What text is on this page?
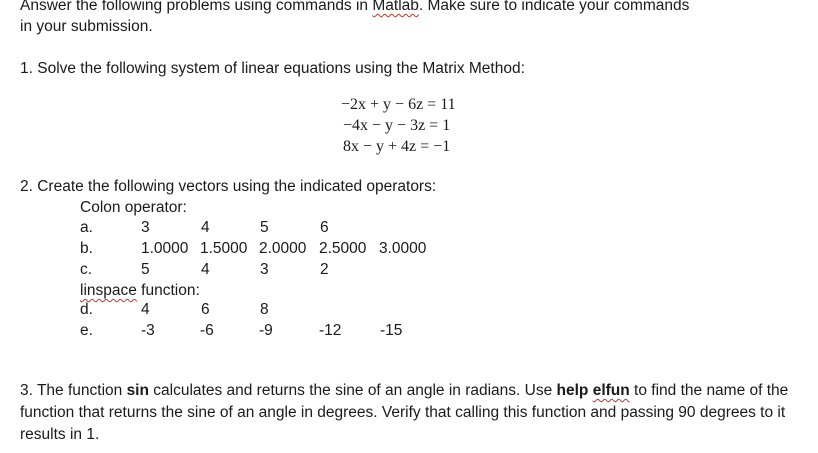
Answer the following problems using commands in Matlab. Make sure to indicate your commands
in your submission.
1. Solve the following system of linear equations using the Matrix Method:
−2x + y − 6z = 11
−4x − y − 3z = 1
8x − y + 4z = −1
2. Create the following vectors using the indicated operators:
Colon operator:
a.	3	4	5	6
b.	1.0000 1.5000 2.0000 2.5000 3.0000
c.	5	4	3	2
linspace function:
d.	4	6	8
e.	-3	-6	-9	-12 -15
3. The function sin calculates and returns the sine of an angle in radians. Use help elfun to find the name of the function that returns the sine of an angle in degrees. Verify that calling this function and passing 90 degrees to it results in 1.
